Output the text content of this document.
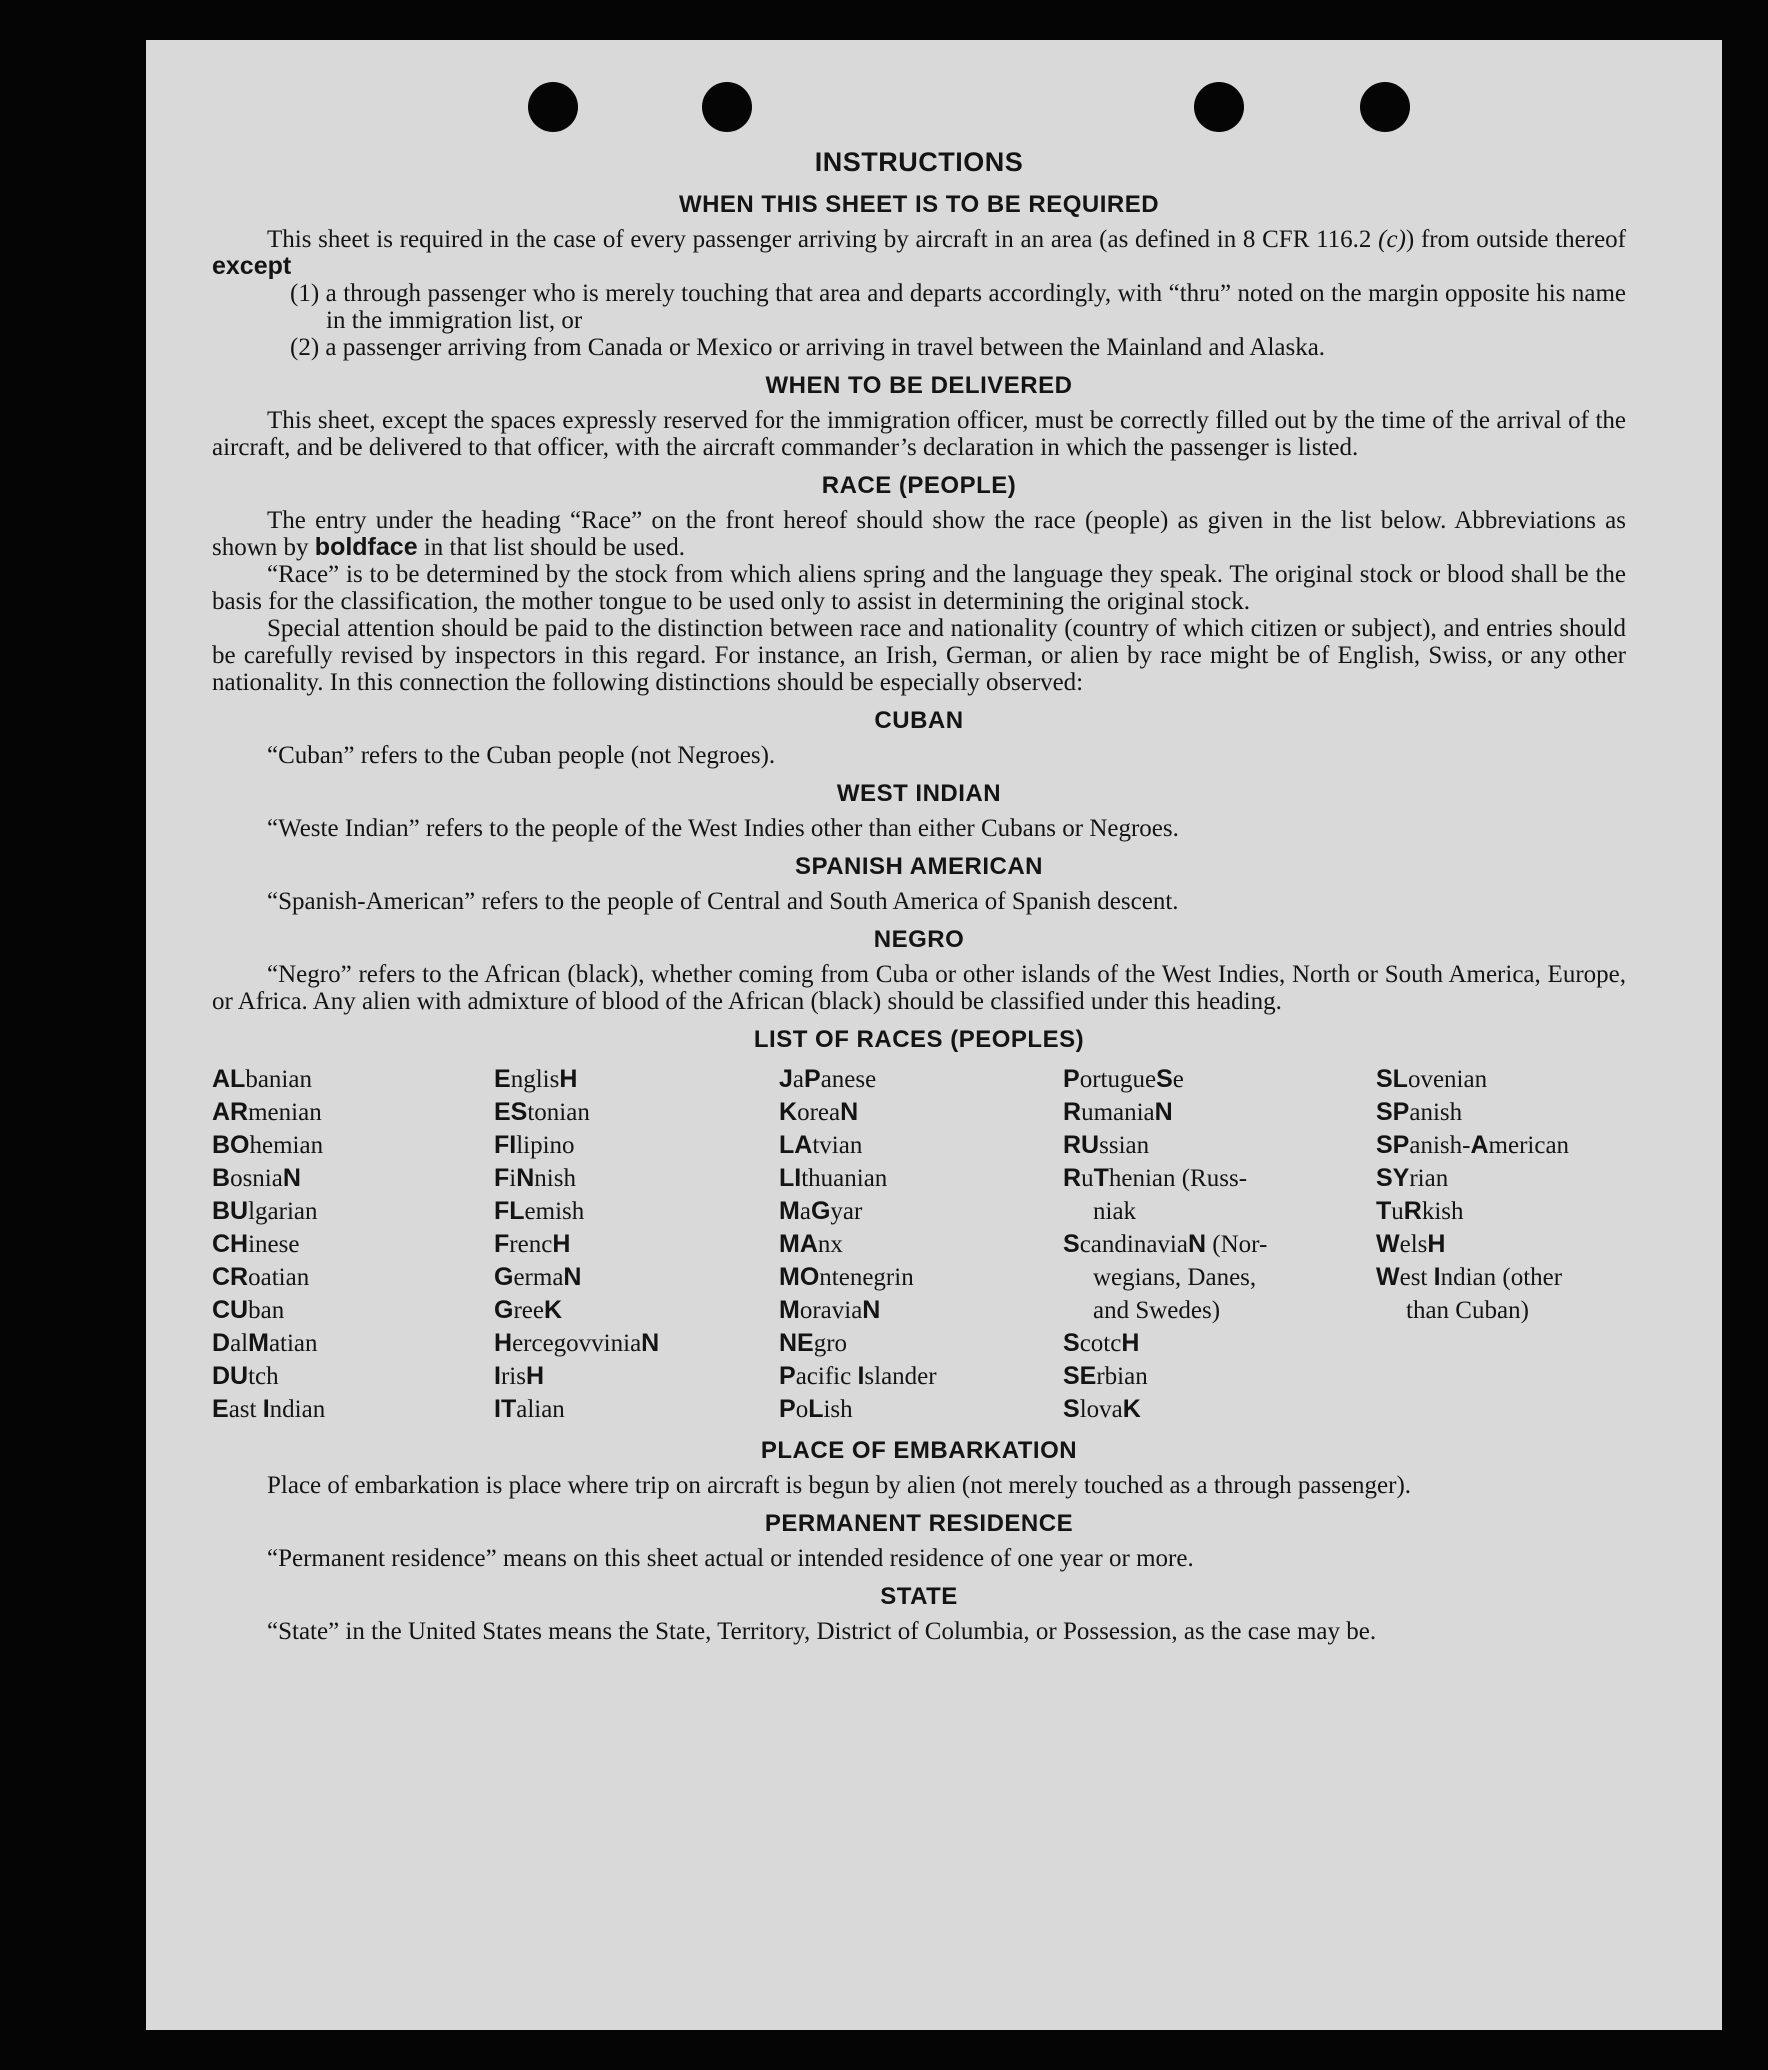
INSTRUCTIONS
WHEN THIS SHEET IS TO BE REQUIRED

This sheet is required in the case of every passenger arriving by aircraft in an area (as defined in 8 CFR 116.2 (c)) from outside thereof except

(1) a through passenger who is merely touching that area and departs accordingly, with “thru” noted on the margin opposite his name in the immigration list, or

(2) a passenger arriving from Canada or Mexico or arriving in travel between the Mainland and Alaska.

WHEN TO BE DELIVERED

This sheet, except the spaces expressly reserved for the immigration officer, must be correctly filled out by the time of the arrival of the aircraft, and be delivered to that officer, with the aircraft commander’s declaration in which the passenger is listed.

RACE (PEOPLE)

The entry under the heading “Race” on the front hereof should show the race (people) as given in the list below. Abbreviations as shown by boldface in that list should be used.

“Race” is to be determined by the stock from which aliens spring and the language they speak. The original stock or blood shall be the basis for the classification, the mother tongue to be used only to assist in determining the original stock.

Special attention should be paid to the distinction between race and nationality (country of which citizen or subject), and entries should be carefully revised by inspectors in this regard. For instance, an Irish, German, or alien by race might be of English, Swiss, or any other nationality. In this connection the following distinctions should be especially observed:

CUBAN

“Cuban” refers to the Cuban people (not Negroes).

WEST INDIAN

“Weste Indian” refers to the people of the West Indies other than either Cubans or Negroes.

SPANISH AMERICAN

“Spanish-American” refers to the people of Central and South America of Spanish descent.

NEGRO

“Negro” refers to the African (black), whether coming from Cuba or other islands of the West Indies, North or South America, Europe, or Africa. Any alien with admixture of blood of the African (black) should be classified under this heading.

LIST OF RACES (PEOPLES)
ALbanian
ARmenian
BOhemian
BosniaN
BUlgarian
CHinese
CRoatian
CUban
DalMatian
DUtch
East Indian
EnglisH
EStonian
FIlipino
FiNnish
FLemish
FrencH
GermaN
GreeK
HercegovviniaN
IrisH
ITalian
JaPanese
KoreaN
LAtvian
LIthuanian
MaGyar
MAnx
MOntenegrin
MoraviaN
NEgro
Pacific Islander
PoLish
PortugueSe
RumaniaN
RUssian
RuThenian (Russ-
niak
ScandinaviaN (Nor-
wegians, Danes,
and Swedes)
ScotcH
SErbian
SlovaK
SLovenian
SPanish
SPanish-American
SYrian
TuRkish
WelsH
West Indian (other
than Cuban)
PLACE OF EMBARKATION

Place of embarkation is place where trip on aircraft is begun by alien (not merely touched as a through passenger).

PERMANENT RESIDENCE

“Permanent residence” means on this sheet actual or intended residence of one year or more.

STATE

“State” in the United States means the State, Territory, District of Columbia, or Possession, as the case may be.
